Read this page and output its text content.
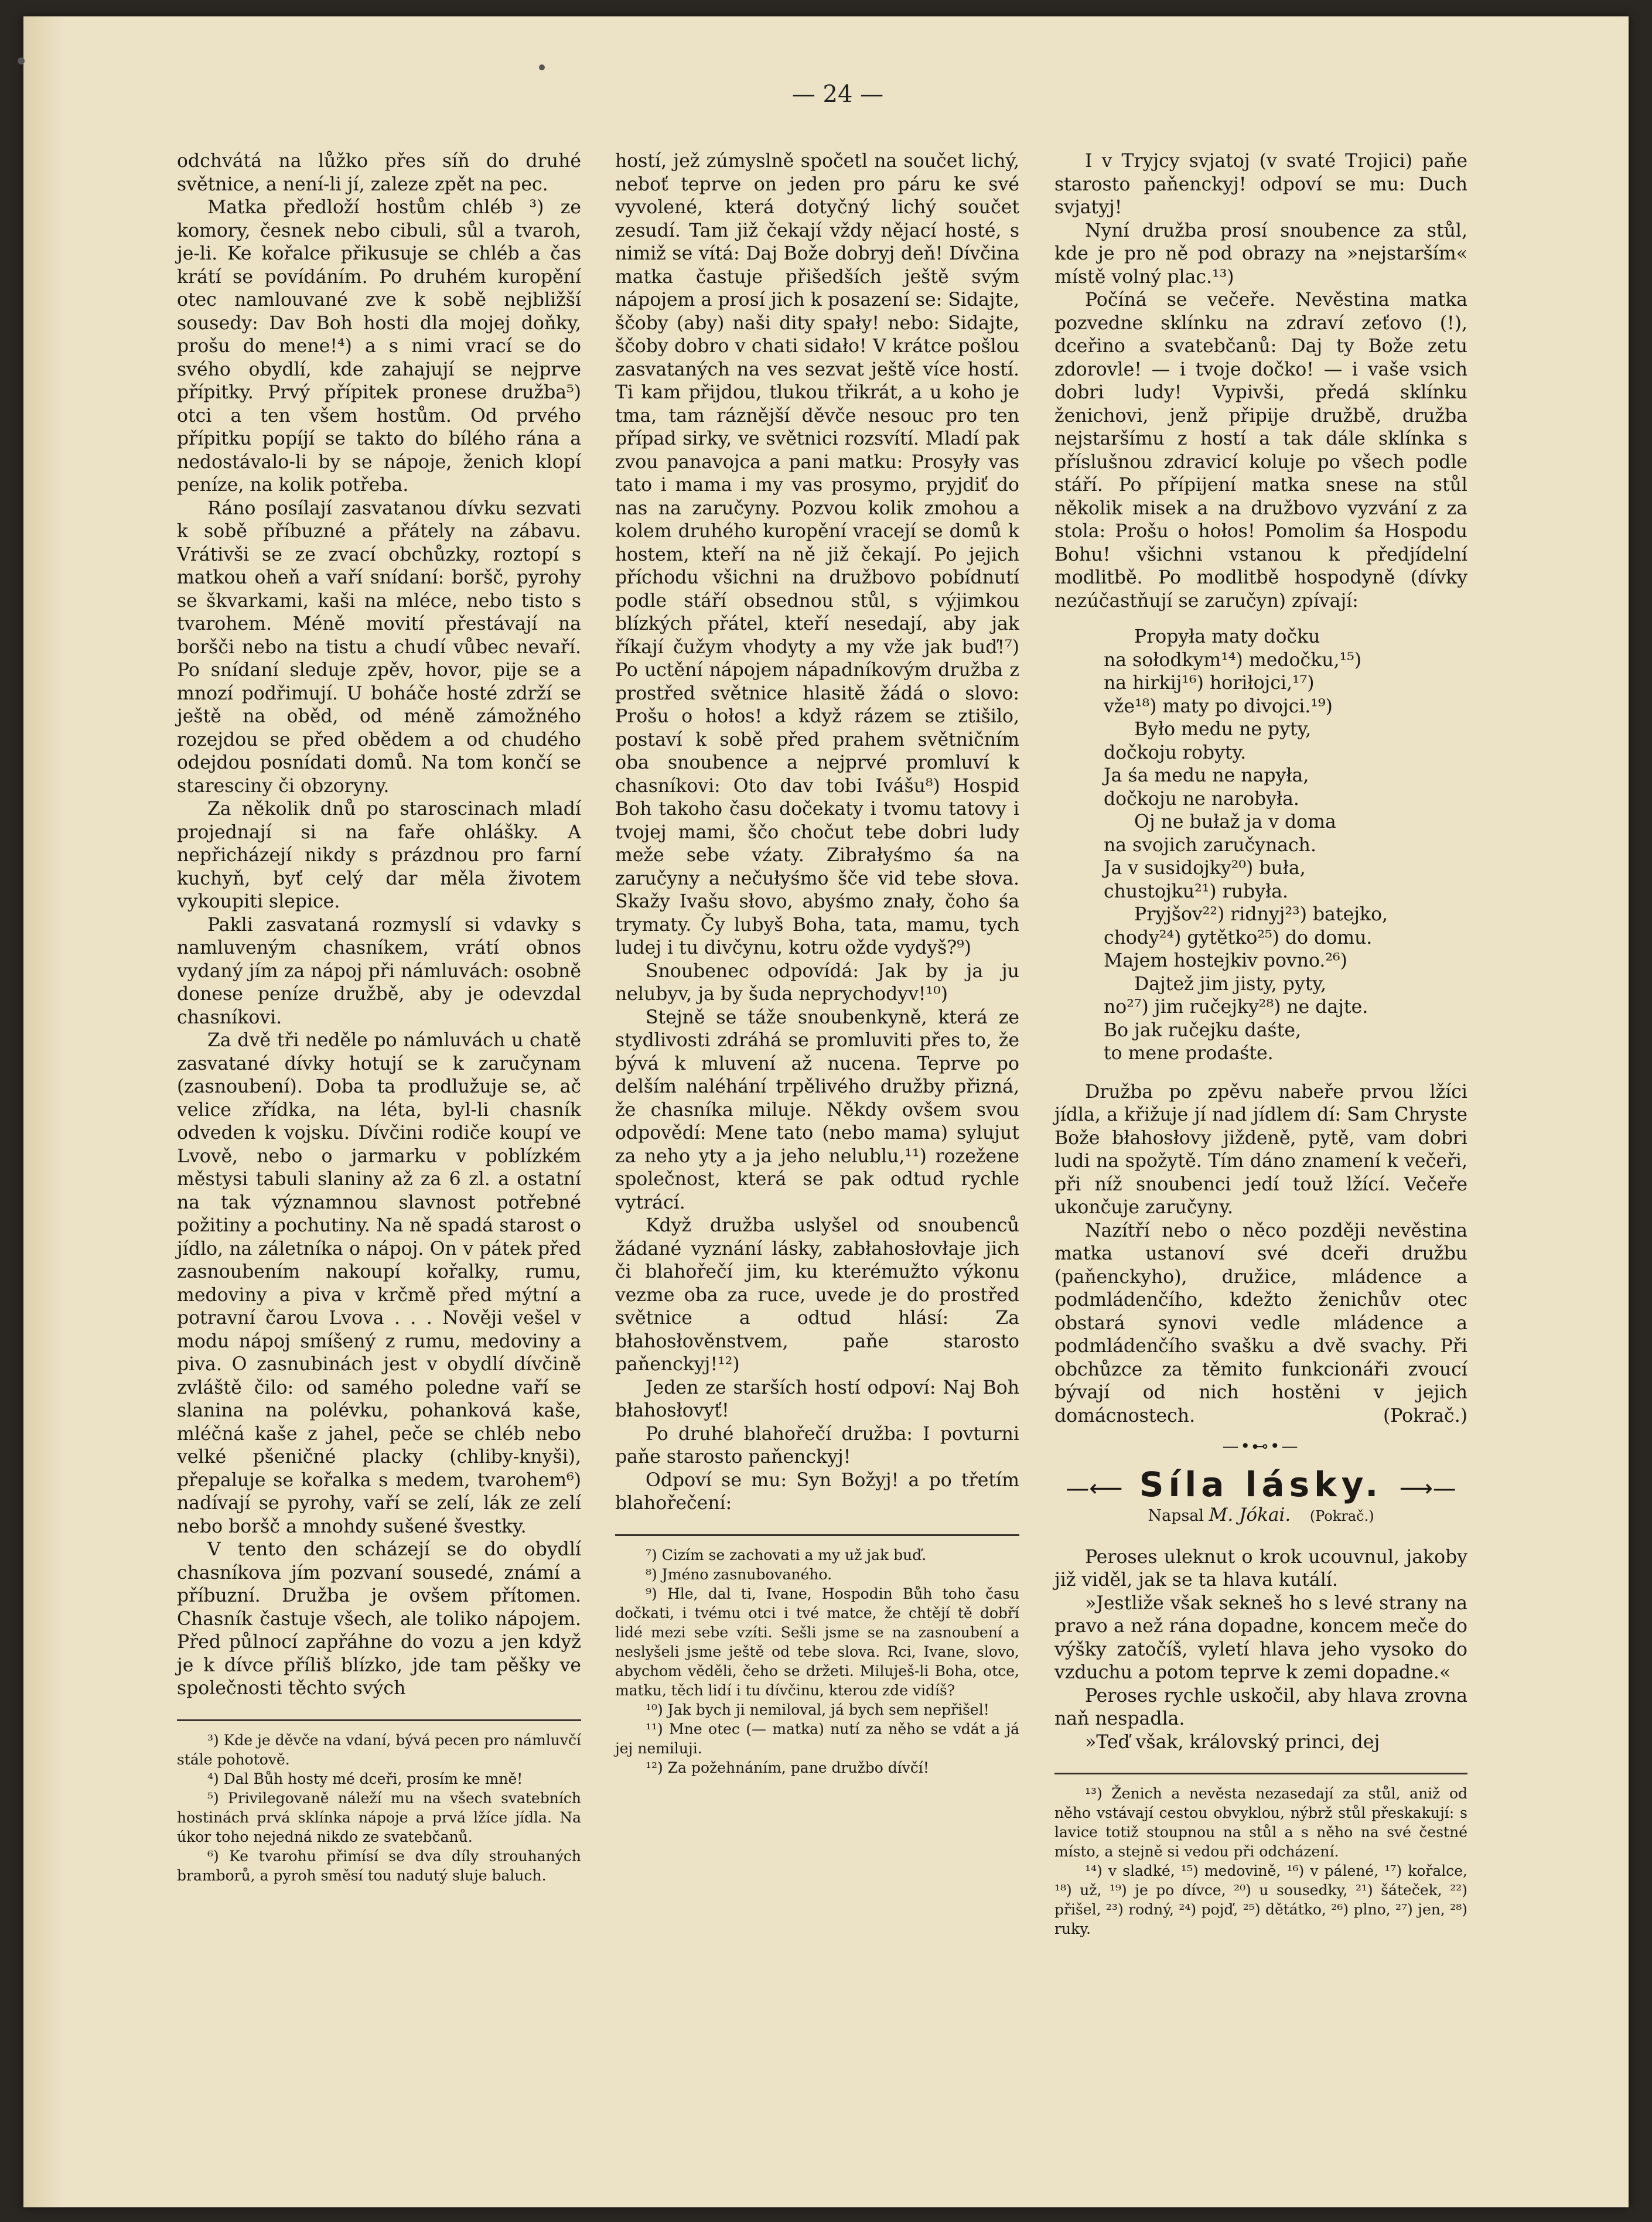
— 24 —

odchvátá na lůžko přes síň do druhé světnice, a není-li jí, zalezе zpět na pec.

Matka předloží hostům chléb ³) ze komory, česnek nebo cibuli, sůl a tvaroh, je-li. Ke kořalce přikusuje se chléb a čas krátí se povídáním. Po druhém kuropění otec namlouvané zve k sobě nejbližší sousedy: Dav Boh hosti dla mojej doňky, prošu do mene!⁴) a s nimi vrací se do svého obydlí, kde zahajují se nejprve přípitky. Prvý přípitek pronese družba⁵) otci a ten všem hostům. Od prvého přípitku popíjí se takto do bílého rána a nedostávalo-li by se nápoje, ženich klopí peníze, na kolik potřeba.

Ráno posílají zasvatanou dívku sezvati k sobě příbuzné a přátely na zábavu. Vrátivši se ze zvací obchůzky, roztopí s matkou oheň a vaří snídaní: boršč, pyrohy se škvarkami, kaši na mléce, nebo tisto s tvarohem. Méně movití přestávají na boršči nebo na tistu a chudí vůbec nevaří. Po snídaní sleduje zpěv, hovor, pije se a mnozí podřimují. U boháče hosté zdrží se ještě na oběd, od méně zámožného rozejdou se před obědem a od chudého odejdou posnídati domů. Na tom končí se staresciny či obzoryny.

Za několik dnů po staroscinach mladí projednají si na faře ohlášky. A nepřicházejí nikdy s prázdnou pro farní kuchyň, byť celý dar měla životem vykoupiti slepice.

Pakli zasvataná rozmyslí si vdavky s namluveným chasníkem, vrátí obnos vydaný jím za nápoj při námluvách: osobně donese peníze družbě, aby je odevzdal chasníkovi.

Za dvě tři neděle po námluvách u chatě zasvatané dívky hotují se k zaručynam (zasnoubení). Doba ta prodlužuje se, ač velice zřídka, na léta, byl-li chasník odveden k vojsku. Dívčini rodiče koupí ve Lvově, nebo o jarmarku v poblízkém městysi tabuli slaniny až za 6 zl. a ostatní na tak významnou slavnost potřebné požitiny a pochutiny. Na ně spadá starost o jídlo, na záletníka o nápoj. On v pátek před zasnoubením nakoupí kořalky, rumu, medoviny a piva v krčmě před mýtní a potravní čarou Lvova . . . Nověji vešel v modu nápoj smíšený z rumu, medoviny a piva. O zasnubinách jest v obydlí dívčině zvláště čilo: od samého poledne vaří se slanina na polévku, pohanková kaše, mléčná kaše z jahel, peče se chléb nebo velké pšeničné placky (chliby-knyši), přepaluje se kořalka s medem, tvarohem⁶) nadívají se pyrohy, vaří se zelí, lák ze zelí nebo boršč a mnohdy sušené švestky.

V tento den scházejí se do obydlí chasníkova jím pozvaní sousedé, známí a příbuzní. Družba je ovšem přítomen. Chasník častuje všech, ale toliko nápojem. Před půlnocí zapřáhne do vozu a jen když je k dívce příliš blízko, jde tam pěšky ve společnosti těchto svých

³) Kde je děvče na vdaní, bývá pecen pro námluvčí stále pohotově.
⁴) Dal Bůh hosty mé dceři, prosím ke mně!
⁵) Privilegovaně náleží mu na všech svatebních hostinách prvá sklínka nápoje a prvá lžíce jídla. Na úkor toho nejedná nikdo ze svatebčanů.
⁶) Ke tvarohu přimísí se dva díly strouhaných bramborů, a pyroh směsí tou nadutý sluje baluch.

hostí, jež zúmyslně spočetl na součet lichý, neboť teprve on jeden pro páru ke své vyvolené, která dotyčný lichý součet zesudí. Tam již čekají vždy nějací hosté, s nimiž se vítá: Daj Bože dobryj deň! Dívčina matka častuje přišedších ještě svým nápojem a prosí jich k posazení se: Sidajte, ščoby (aby) naši dity spały! nebo: Sidajte, ščoby dobro v chati sidało! V krátce pošlou zasvataných na ves sezvat ještě více hostí. Ti kam přijdou, tlukou třikrát, a u koho je tma, tam ráznější děvče nesouc pro ten případ sirky, ve světnici rozsvítí. Mladí pak zvou panavojca a pani matku: Prosyły vas tato i mama i my vas prosymo, pryjdiť do nas na zaručyny. Pozvou kolik zmohou a kolem druhého kuropění vracejí se domů k hostem, kteří na ně již čekají. Po jejich příchodu všichni na družbovo pobídnutí podle stáří obsednou stůl, s výjimkou blízkých přátel, kteří nesedají, aby jak říkají čužym vhodyty a my vže jak buď!⁷) Po uctění nápojem nápadníkovým družba z prostřed světnice hlasitě žádá o slovo: Prošu o hołos! a když rázem se ztišilo, postaví k sobě před prahem světničním oba snoubence a nejprvé promluví k chasníkovi: Oto dav tobi Ivášu⁸) Hospid Boh takoho času dočekaty i tvomu tatovy i tvojej mami, ščo chočut tebe dobri ludy meže sebe vźaty. Zibrałyśmo śa na zaručyny a nečułyśmo šče vid tebe słova. Skažy Ivašu słovo, abyśmo znały, čoho śa trymaty. Čy lubyš Boha, tata, mamu, tych ludej i tu divčynu, kotru ožde vydyš?⁹)

Snoubenec odpovídá: Jak by ja ju nelubyv, ja by šuda neprychodyv!¹⁰)

Stejně se táže snoubenkyně, která ze stydlivosti zdráhá se promluviti přes to, že bývá k mluvení až nucena. Teprve po delším naléhání trpělivého družby přizná, že chasníka miluje. Někdy ovšem svou odpovědí: Mene tato (nebo mama) sylujut za neho yty a ja jeho nelublu,¹¹) rozežene společnost, která se pak odtud rychle vytrácí.

Když družba uslyšel od snoubenců žádané vyznání lásky, zabłahosłovłaje jich či blahořečí jim, ku kterémužto výkonu vezme oba za ruce, uvede je do prostřed světnice a odtud hlásí: Za błahosłověnstvem, paňe starosto paňenckyj!¹²)

Jeden ze starších hostí odpoví: Naj Boh błahosłovyť!

Po druhé blahořečí družba: I povturni paňe starosto paňenckyj!

Odpoví se mu: Syn Božyj! a po třetím blahořečení:

⁷) Cizím se zachovati a my už jak buď.
⁸) Jméno zasnubovaného.
⁹) Hle, dal ti, Ivane, Hospodin Bůh toho času dočkati, i tvému otci i tvé matce, že chtějí tě dobří lidé mezi sebe vzíti. Sešli jsme se na zasnoubení a neslyšeli jsme ještě od tebe slova. Rci, Ivane, slovo, abychom věděli, čeho se držeti. Miluješ-li Boha, otce, matku, těch lidí i tu dívčinu, kterou zde vidíš?
¹⁰) Jak bych ji nemiloval, já bych sem nepřišel!
¹¹) Mne otec (— matka) nutí za něho se vdát a já jej nemiluji.
¹²) Za požehnáním, pane družbo dívčí!

I v Tryjcy svjatoj (v svaté Trojici) paňe starosto paňenckyj! odpoví se mu: Duch svjatyj!

Nyní družba prosí snoubence za stůl, kde je pro ně pod obrazy na »nejstarším« místě volný plac.¹³)

Počíná se večeře. Nevěstina matka pozvedne sklínku na zdraví zeťovo (!), dceřino a svatebčanů: Daj ty Bože zetu zdorovle! — i tvoje dočko! — i vaše vsich dobri ludy! Vypivši, předá sklínku ženichovi, jenž připije družbě, družba nejstaršímu z hostí a tak dále sklínka s příslušnou zdravicí koluje po všech podle stáří. Po přípijení matka snese na stůl několik misek a na družbovo vyzvání z za stola: Prošu o hołos! Pomolim śa Hospodu Bohu! všichni vstanou k předjídelní modlitbě. Po modlitbě hospodyně (dívky nezúčastňují se zaručyn) zpívají:

Propyła maty dočku
na sołodkym¹⁴) medočku,¹⁵)
na hirkij¹⁶) horiłojci,¹⁷)
vže¹⁸) maty po divojci.¹⁹)
Było medu ne pyty,
dočkoju robyty.
Ja śa medu ne napyła,
dočkoju ne narobyła.
Oj ne bułaž ja v doma
na svojich zaručynach.
Ja v susidojky²⁰) buła,
chustojku²¹) rubyła.
Pryjšov²²) ridnyj²³) batejko,
chody²⁴) gytětko²⁵) do domu.
Majem hostejkiv povno.²⁶)
Dajtež jim jisty, pyty,
no²⁷) jim ručejky²⁸) ne dajte.
Bo jak ručejku daśte,
to mene prodaśte.

Družba po zpěvu nabeře prvou lžíci jídla, a křižuje jí nad jídlem dí: Sam Chryste Bože błahosłovy jiždeně, pytě, vam dobri ludi na spožytě. Tím dáno znamení k večeři, při níž snoubenci jedí touž lžící. Večeře ukončuje zaručyny.

Nazítří nebo o něco později nevěstina matka ustanoví své dceři družbu (paňenckyho), družice, mládence a podmládenčího, kdežto ženichův otec obstará synovi vedle mládence a podmládenčího svašku a dvě svachy. Při obchůzce za těmito funkcionáři zvoucí bývají od nich hostěni v jejich domácnostech.	(Pokrač.)

—•⊷•—
—⟵ Síla lásky. ⟶—
Napsal M. Jókai. (Pokrač.)

Peroses uleknut o krok ucouvnul, jakoby již viděl, jak se ta hlava kutálí.

»Jestliže však sekneš ho s levé strany na pravo a než rána dopadne, koncem meče do výšky zatočíš, vyletí hlava jeho vysoko do vzduchu a potom teprve k zemi dopadne.«

Peroses rychle uskočil, aby hlava zrovna naň nespadla.

»Teď však, královský princi, dej

¹³) Ženich a nevěsta nezasedají za stůl, aniž od něho vstávají cestou obvyklou, nýbrž stůl přeskakují: s lavice totiž stoupnou na stůl a s něho na své čestné místo, a stejně si vedou při odcházení.
¹⁴) v sladké, ¹⁵) medovině, ¹⁶) v pálené, ¹⁷) kořalce, ¹⁸) už, ¹⁹) je po dívce, ²⁰) u sousedky, ²¹) šáteček, ²²) přišel, ²³) rodný, ²⁴) pojď, ²⁵) dětátko, ²⁶) plno, ²⁷) jen, ²⁸) ruky.
